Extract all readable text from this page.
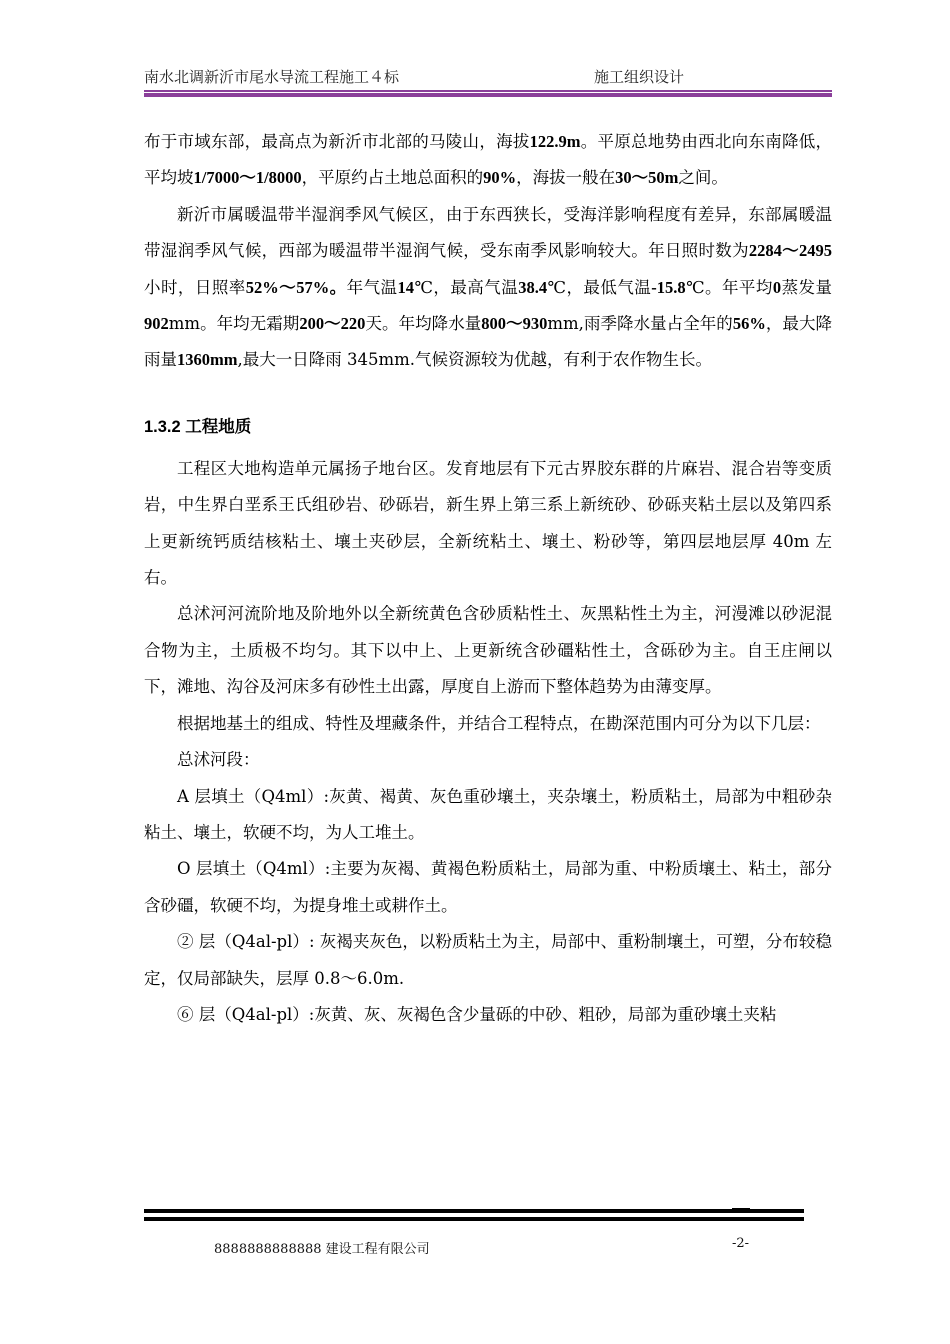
南水北调新沂市尾水导流工程施工４标	施工组织设计

布于市域东部，最高点为新沂市北部的马陵山，海拔122.9m。平原总地势由西北向东南降低，平均坡1/7000～1/8000，平原约占土地总面积的90%，海拔一般在30～50m之间。

新沂市属暖温带半湿润季风气候区，由于东西狭长，受海洋影响程度有差异，东部属暖温带湿润季风气候，西部为暖温带半湿润气候，受东南季风影响较大。年日照时数为2284～2495小时，日照率52%～57%。年气温14℃，最高气温38.4℃，最低气温-15.8℃。年平均0蒸发量902mm。年均无霜期200～220天。年均降水量800～930mm,雨季降水量占全年的56%，最大降雨量1360mm,最大一日降雨 345mm.气候资源较为优越，有利于农作物生长。

1.3.2 工程地质

工程区大地构造单元属扬子地台区。发育地层有下元古界胶东群的片麻岩、混合岩等变质岩，中生界白垩系王氏组砂岩、砂砾岩，新生界上第三系上新统砂、砂砾夹粘土层以及第四系上更新统钙质结核粘土、壤土夹砂层，全新统粘土、壤土、粉砂等，第四层地层厚 40m 左右。

总沭河河流阶地及阶地外以全新统黄色含砂质粘性土、灰黑粘性土为主，河漫滩以砂泥混合物为主，土质极不均匀。其下以中上、上更新统含砂礓粘性土，含砾砂为主。自王庄闸以下，滩地、沟谷及河床多有砂性土出露，厚度自上游而下整体趋势为由薄变厚。

根据地基土的组成、特性及埋藏条件，并结合工程特点，在勘深范围内可分为以下几层：

总沭河段：

A 层填土（Q4ml）:灰黄、褐黄、灰色重砂壤土，夹杂壤土，粉质粘土，局部为中粗砂杂粘土、壤土，软硬不均，为人工堆土。

O 层填土（Q4ml）:主要为灰褐、黄褐色粉质粘土，局部为重、中粉质壤土、粘土，部分含砂礓，软硬不均，为提身堆土或耕作土。

② 层（Q4al-pl）: 灰褐夹灰色，以粉质粘土为主，局部中、重粉制壤土，可塑，分布较稳定，仅局部缺失，层厚 0.8～6.0m.

⑥ 层（Q4al-pl）:灰黄、灰、灰褐色含少量砾的中砂、粗砂，局部为重砂壤土夹粘

8888888888888 建设工程有限公司	-2-
